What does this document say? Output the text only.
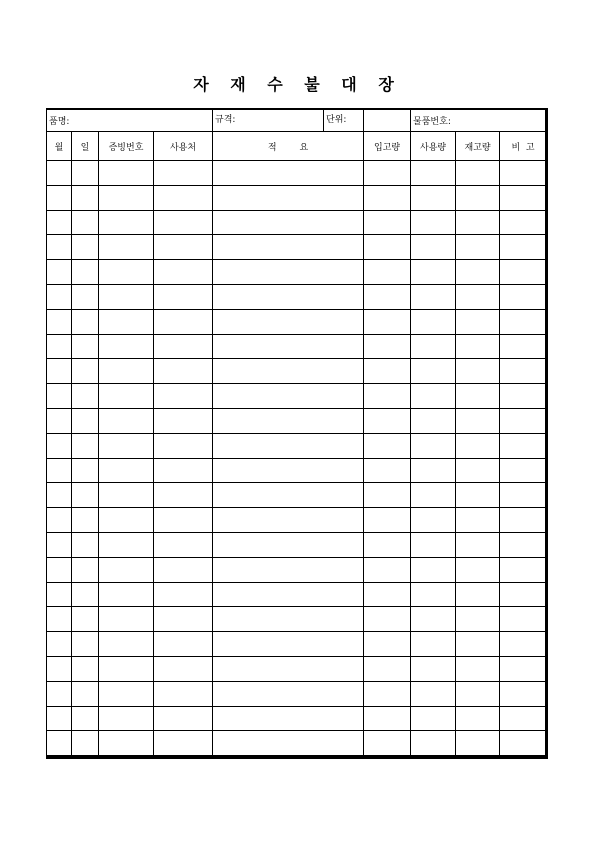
자 재 수 불 대 장
품명:				규격: 단위:		물품번호:		
월	일	증빙번호	사용처	적        요	입고량	사용량	재고량	비  고
